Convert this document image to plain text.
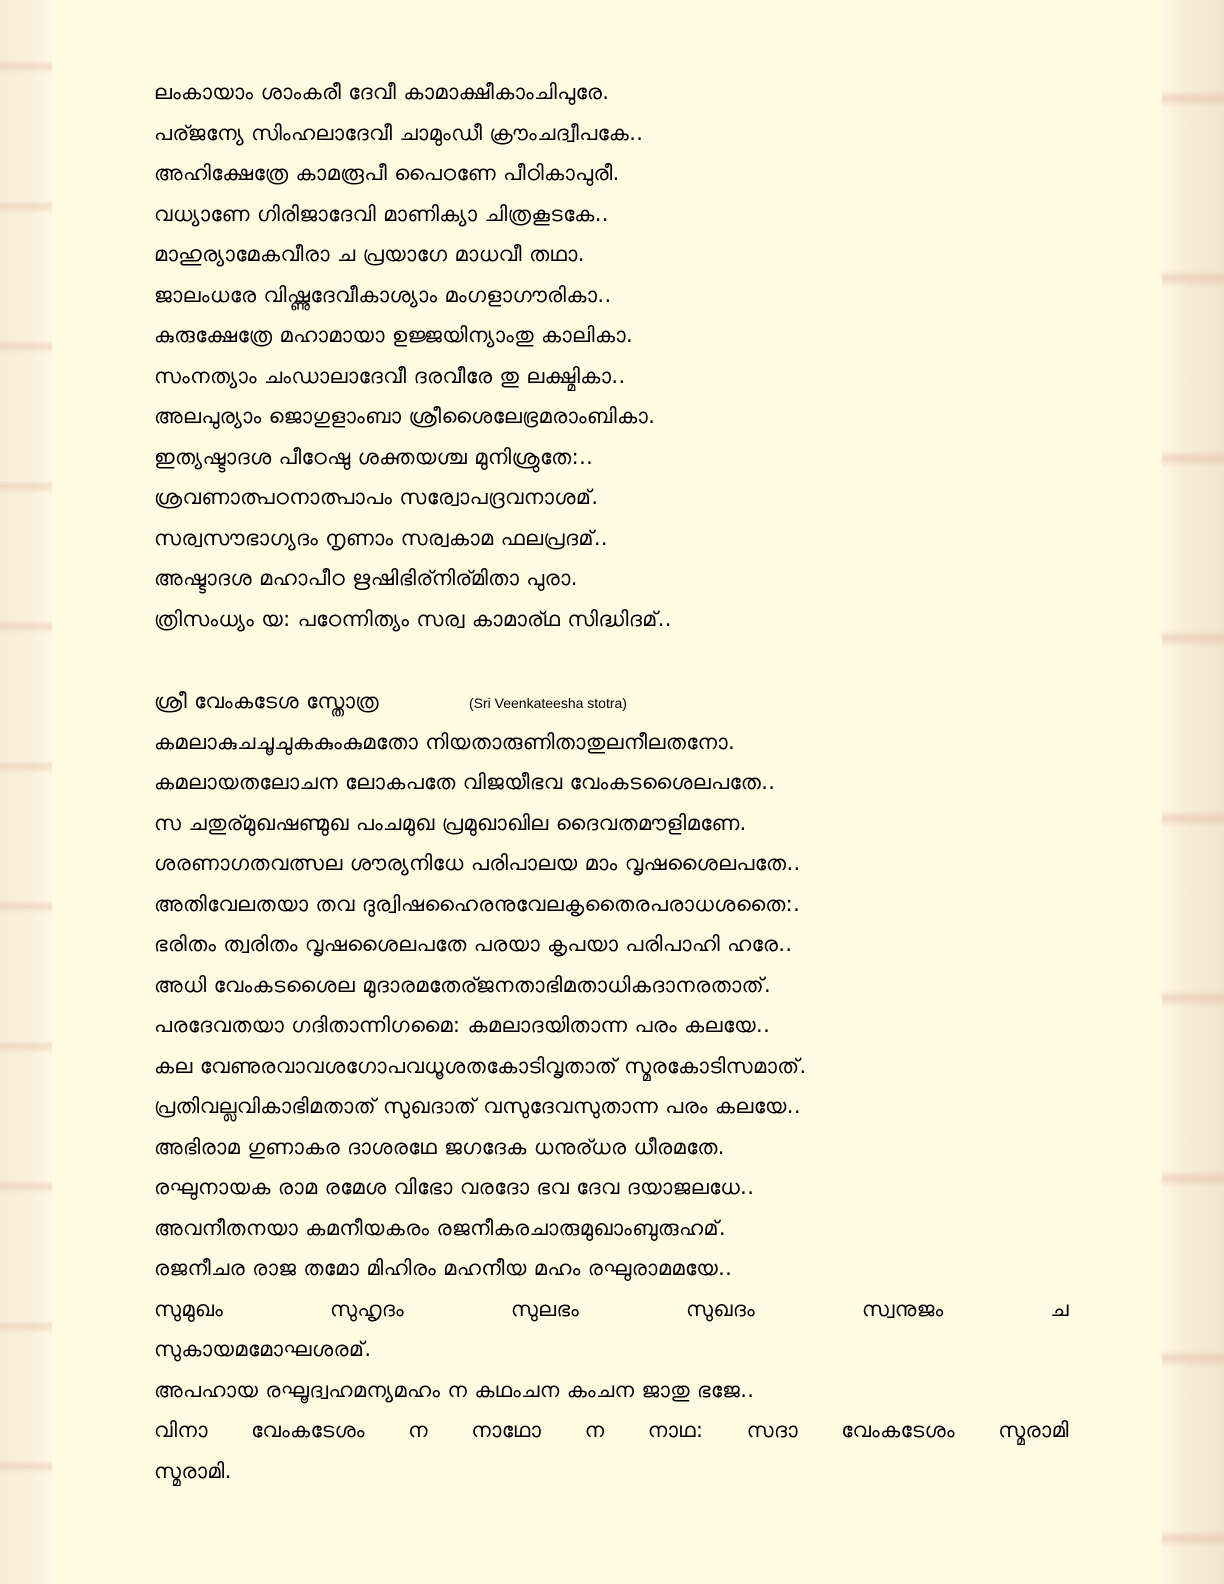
ലംകായാം ശാംകരീ ദേവീ കാമാക്ഷീകാംചിപുരേ.
പര്ജന്യേ സിംഹലാദേവീ ചാമുംഡീ ക്രൗംചദ്വീപകേ..
അഹിക്ഷേത്രേ കാമരൂപീ പൈഠണേ പീഠികാപുരീ.
വധ്യാണേ ഗിരിജാദേവി മാണിക്യാ ചിത്രകൂടകേ..
മാഹുര്യാമേകവീരാ ച പ്രയാഗേ മാധവീ തഥാ.
ജാലംധരേ വിഷ്ണുദേവീകാശ്യാം മംഗളാഗൗരികാ..
കുരുക്ഷേത്രേ മഹാമായാ ഉജ്ജയിന്യാംതു കാലികാ.
സംനത്യാം ചംഡാലാദേവീ ദരവീരേ തു ലക്ഷ്മികാ..
അലപുര്യാം ജൊഗുളാംബാ ശ്രീശൈലേഭ്രമരാംബികാ.
ഇത്യഷ്ടാദശ പീഠേഷു ശക്തയശ്ച മുനിശ്രുതേ:..
ശ്രവണാത്പഠനാത്പാപം സര്വോപദ്രവനാശമ്.
സര്വസൗഭാഗ്യദം നൃണാം സര്വകാമ ഫലപ്രദമ്..
അഷ്ടാദശ മഹാപീഠ ഋഷിഭിര്നിര്മിതാ പുരാ.
ത്രിസംധ്യം യ: പഠേന്നിത്യം സര്വ കാമാര്ഥ സിദ്ധിദമ്..
ശ്രീ വേംകടേശ സ്തോത്ര	(Sri Veenkateesha stotra)
കമലാകുചചൂചുകകുംകുമതോ നിയതാരുണിതാതുലനീലതനോ.
കമലായതലോചന ലോകപതേ വിജയീഭവ വേംകടശൈലപതേ..
സ ചതുര്മുഖഷണ്മുഖ പംചമുഖ പ്രമുഖാഖില ദൈവതമൗളിമണേ.
ശരണാഗതവത്സല ശൗര്യനിധേ പരിപാലയ മാം വൃഷശൈലപതേ..
അതിവേലതയാ തവ ദുര്വിഷഹൈരനുവേലകൃതൈരപരാധശതൈ:.
ഭരിതം ത്വരിതം വൃഷശൈലപതേ പരയാ കൃപയാ പരിപാഹി ഹരേ..
അധി വേംകടശൈല മുദാരമതേര്ജനതാഭിമതാധികദാനരതാത്.
പരദേവതയാ ഗദിതാന്നിഗമൈ: കമലാദയിതാന്ന പരം കലയേ..
കല വേണുരവാവശഗോപവധൂശതകോടിവൃതാത് സ്മരകോടിസമാത്.
പ്രതിവല്ലവികാഭിമതാത് സുഖദാത് വസുദേവസുതാന്ന പരം കലയേ..
അഭിരാമ ഗുണാകര ദാശരഥേ ജഗദേക ധനുര്ധര ധീരമതേ.
രഘുനായക രാമ രമേശ വിഭോ വരദോ ഭവ ദേവ ദയാജലധേ..
അവനീതനയാ കമനീയകരം രജനീകരചാരുമുഖാംബുരുഹമ്.
രജനീചര രാജ തമോ മിഹിരം മഹനീയ മഹം രഘുരാമമയേ..
സുമുഖം	സുഹൃദം	സുലഭം	സുഖദം	സ്വനുജം	ച
സുകായമമോഘശരമ്.
അപഹായ രഘൂദ്വഹമന്യമഹം ന കഥംചന കംചന ജാതു ഭജേ..
വിനാ വേംകടേശം ന നാഥോ ന നാഥ: സദാ വേംകടേശം സ്മരാമി
സ്മരാമി.
